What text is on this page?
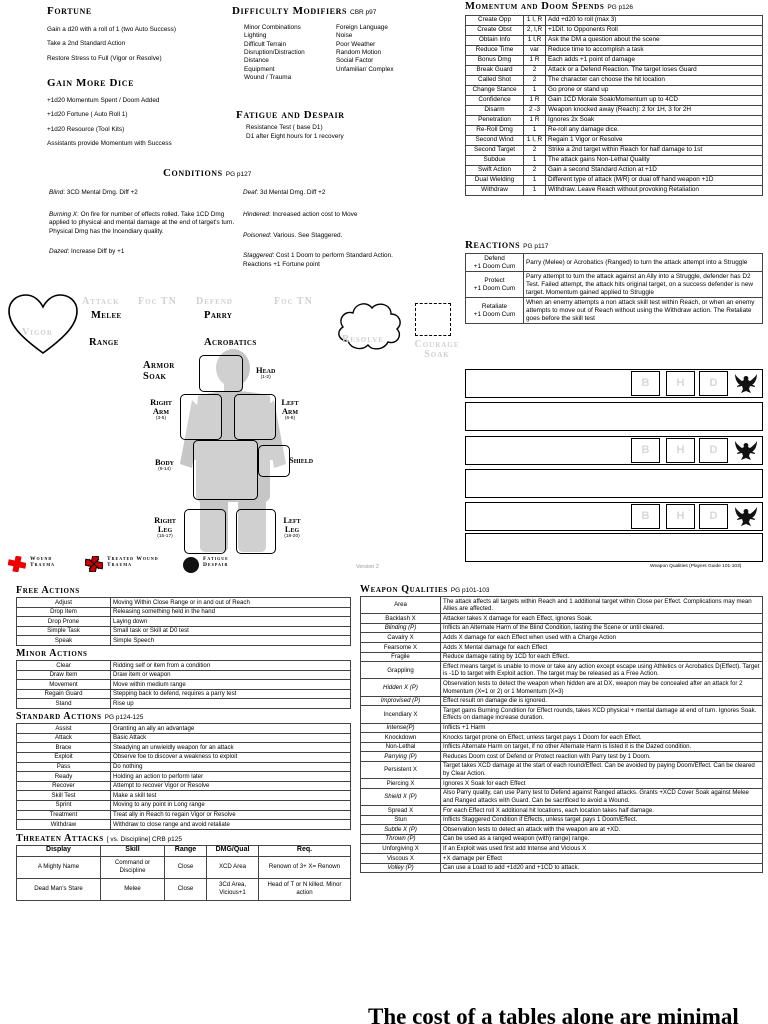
Fortune
Gain a d20 with a roll of 1 (two Auto Success)
Take a 2nd Standard Action
Restore Stress to Full (Vigor or Resolve)
Gain More Dice
+1d20 Momentum Spent / Doom Added
+1d20 Fortune ( Auto Roll 1)
+1d20 Resource (Tool Kits)
Assistants provide Momentum with Success
Difficulty Modifiers CBR p97
Minor Combinations
Lighting
Difficult Terrain
Disruption/Distraction
Distance
Equipment
Wound / Trauma
Foreign Language
Noise
Poor Weather
Random Motion
Social Factor
Unfamiliar/ Complex
Fatigue and Despair
Resistance Test ( base D1)
D1 after Eight hours for 1 recovery
Conditions PG p127
Blind: 3CD Mental Dmg. Diff +2
Burning X: On fire for number of effects rolled. Take 1CD Dmg applied to physical and mental damage at the end of target's turn. Physical Dmg has the Incendiary quality.
Dazed: Increase Diff by +1
Deaf: 3d Mental Dmg. Diff +2
Hindered: Increased action cost to Move
Poisoned: Various. See Staggered.
Staggered: Cost 1 Doom to perform Standard Action. Reactions +1 Fortune point
Vigor
Attack Foc TN Defend	Foc TN
Melee
Range
Parry
Acrobatics	Resolve	Courage Soak
Armor Soak
Head
(1-2)
Right Arm
(3-5)
Left Arm
(6-8)
Body
(9-14)
Shield
Right Leg
(15-17)
Left Leg
(18-20)
Wound Trauma
Treated Wound Trauma
Fatigue Despair	Version 2
Momentum and Doom Spends PG p126
Create Opp	1 I, R	Add +d20 to roll (max 3)
Create Obst	2, I,R	+1Dif. to Opponents Roll
Obtain Info	1 I,R	Ask the DM a question about the scene
Reduce Time	var	Reduce time to accomplish a task
Bonus Dmg	1 R	Each adds +1 point of damage
Break Guard	2	Attack or a Defend Reaction. The target loses Guard
Called Shot	2	The character can choose the hit location
Change Stance	1	Go prone or stand up
Confidence	1 R	Gain 1CD Morale Soak/Momentum up to 4CD
Disarm	2 -3	Weapon knocked away (Reach): 2 for 1H, 3 for 2H
Penetration	1 R	Ignores 2x Soak
Re-Roll Dmg	1	Re-roll any damage dice.
Second Wind	1 I, R	Regain 1 Vigor or Resolve
Second Target	2	Strike a 2nd target within Reach for half damage to 1st
Subdue	1	The attack gains Non-Lethal Quality
Swift Action	2	Gain a second Standard Action at +1D
Dual Wielding	1	Different type of attack (M/R) or dual off hand weapon +1D
Withdraw	1	Withdraw. Leave Reach without provoking Retaliation
Reactions PG p117
Defend
+1 Doom Cum	Parry (Melee) or Acrobatics (Ranged) to turn the attack attempt into a Struggle

Protect
+1 Doom Cum	Parry attempt to turn the attack against an Ally into a Struggle, defender has D2 Test. Failed attempt, the attack hits original target, on a success defender is new target. Momentum gained applied to Struggle

Retaliate
+1 Doom Cum	When an enemy attempts a non attack skill test within Reach, or when an enemy attempts to move out of Reach without using the Withdraw action. The Retaliate goes before the skill test
B	H	D
B	H	D
B	H	D
Weapon Qualities (Players Guide 101-103)
Free Actions
Adjust	Moving Within Close Range or in and out of Reach
Drop Item	Releasing something held in the hand
Drop Prone	Laying down
Simple Task	Small task or Skill at D0 test
Speak	Simple Speech
Minor Actions
Clear	Ridding self or item from a condition
Draw Item	Draw item or weapon
Movement	Move within medium range
Regain Guard	Stepping back to defend, requires a parry test
Stand	Rise up
Standard Actions PG p124-125
Assist	Granting an ally an advantage
Attack	Basic Attack
Brace	Steadying an unwieldly weapon for an attack
Exploit	Observe foe to discover a weakness to exploit
Pass	Do nothing
Ready	Holding an action to perform later
Recover	Attempt to recover Vigor or Resolve
Skill Test	Make a skill test
Sprint	Moving to any point in Long range
Treatment	Treat ally in Reach to regain Vigor or Resolve
Withdraw	Withdraw to close range and avoid retaliate
Threaten Attacks [ vs. Discipline] CRB p125
Display	Skill	Range	DMG/Qual	Req.
A Mighty Name	Command or Discipline	Close	XCD Area	Renown of 3+ X= Renown
Dead Man's Stare	Melee	Close	3Cd Area, Vicious+1	Head of T or N killed. Minor action
Weapon Qualities PG p101-103
Area	The attack affects all targets within Reach and 1 additional target within Close per Effect. Complications may mean Allies are affected.
Backlash X	Attacker takes X damage for each Effect, ignores Soak.
Blinding (P)	Inflicts an Alternate Harm of the Blind Condition, lasting the Scene or until cleared.
Cavalry X	Adds X damage for each Effect when used with a Charge Action
Fearsome X	Adds X Mental damage for each Effect
Fragile	Reduce damage rating by 1CD for each Effect.
Grappling	Effect means target is unable to move or take any action except escape using Athletics or Acrobatics D(Effect). Target is -1D to target with Exploit action. The target may be released as a Free Action.
Hidden X (P)	Observation tests to detect the weapon when hidden are at DX, weapon may be concealed after an attack for 2 Momentum (X=1 or 2) or 1 Momentum (X=3)
Improvised (P)	Effect result on damage die is ignored.
Incendiary X	Target gains Burning Condition for Effect rounds, takes XCD physical + mental damage at end of turn. Ignores Soak. Effects on damage increase duration.
Intense(P)	Inflicts +1 Harm
Knockdown	Knocks target prone on Effect, unless target pays 1 Doom for each Effect.
Non-Lethal	Inflicts Alternate Harm on target, if no other Alternate Harm is listed it is the Dazed condition.
Parrying (P)	Reduces Doom cost of Defend or Protect reaction with Parry test by 1 Doom.
Persistent X	Target takes XCD damage at the start of each round/Effect. Can be avoided by paying Doom/Effect. Can be cleared by Clear Action.
Piercing X	Ignores X Soak for each Effect
Shield X (P)	Also Parry quality, can use Parry test to Defend against Ranged attacks. Grants +XCD Cover Soak against Melee and Ranged attacks with Guard. Can be sacrificed to avoid a Wound.
Spread X	For each Effect roll X additional hit locations, each location takes half damage.
Stun	Inflicts Staggered Condition if Effects, unless target pays 1 Doom/Effect.
Subtle X (P)	Observation tests to detect an attack with the weapon are at +XD.
Thrown (P)	Can be used as a ranged weapon (with) range) range.
Unforgiving X	If an Exploit was used first add Intense and Vicious X
Viscous X	+X damage per Effect
Volley (P)	Can use a Load to add +1d20 and +1CD to attack.
The cost of a tables alone are minimal
